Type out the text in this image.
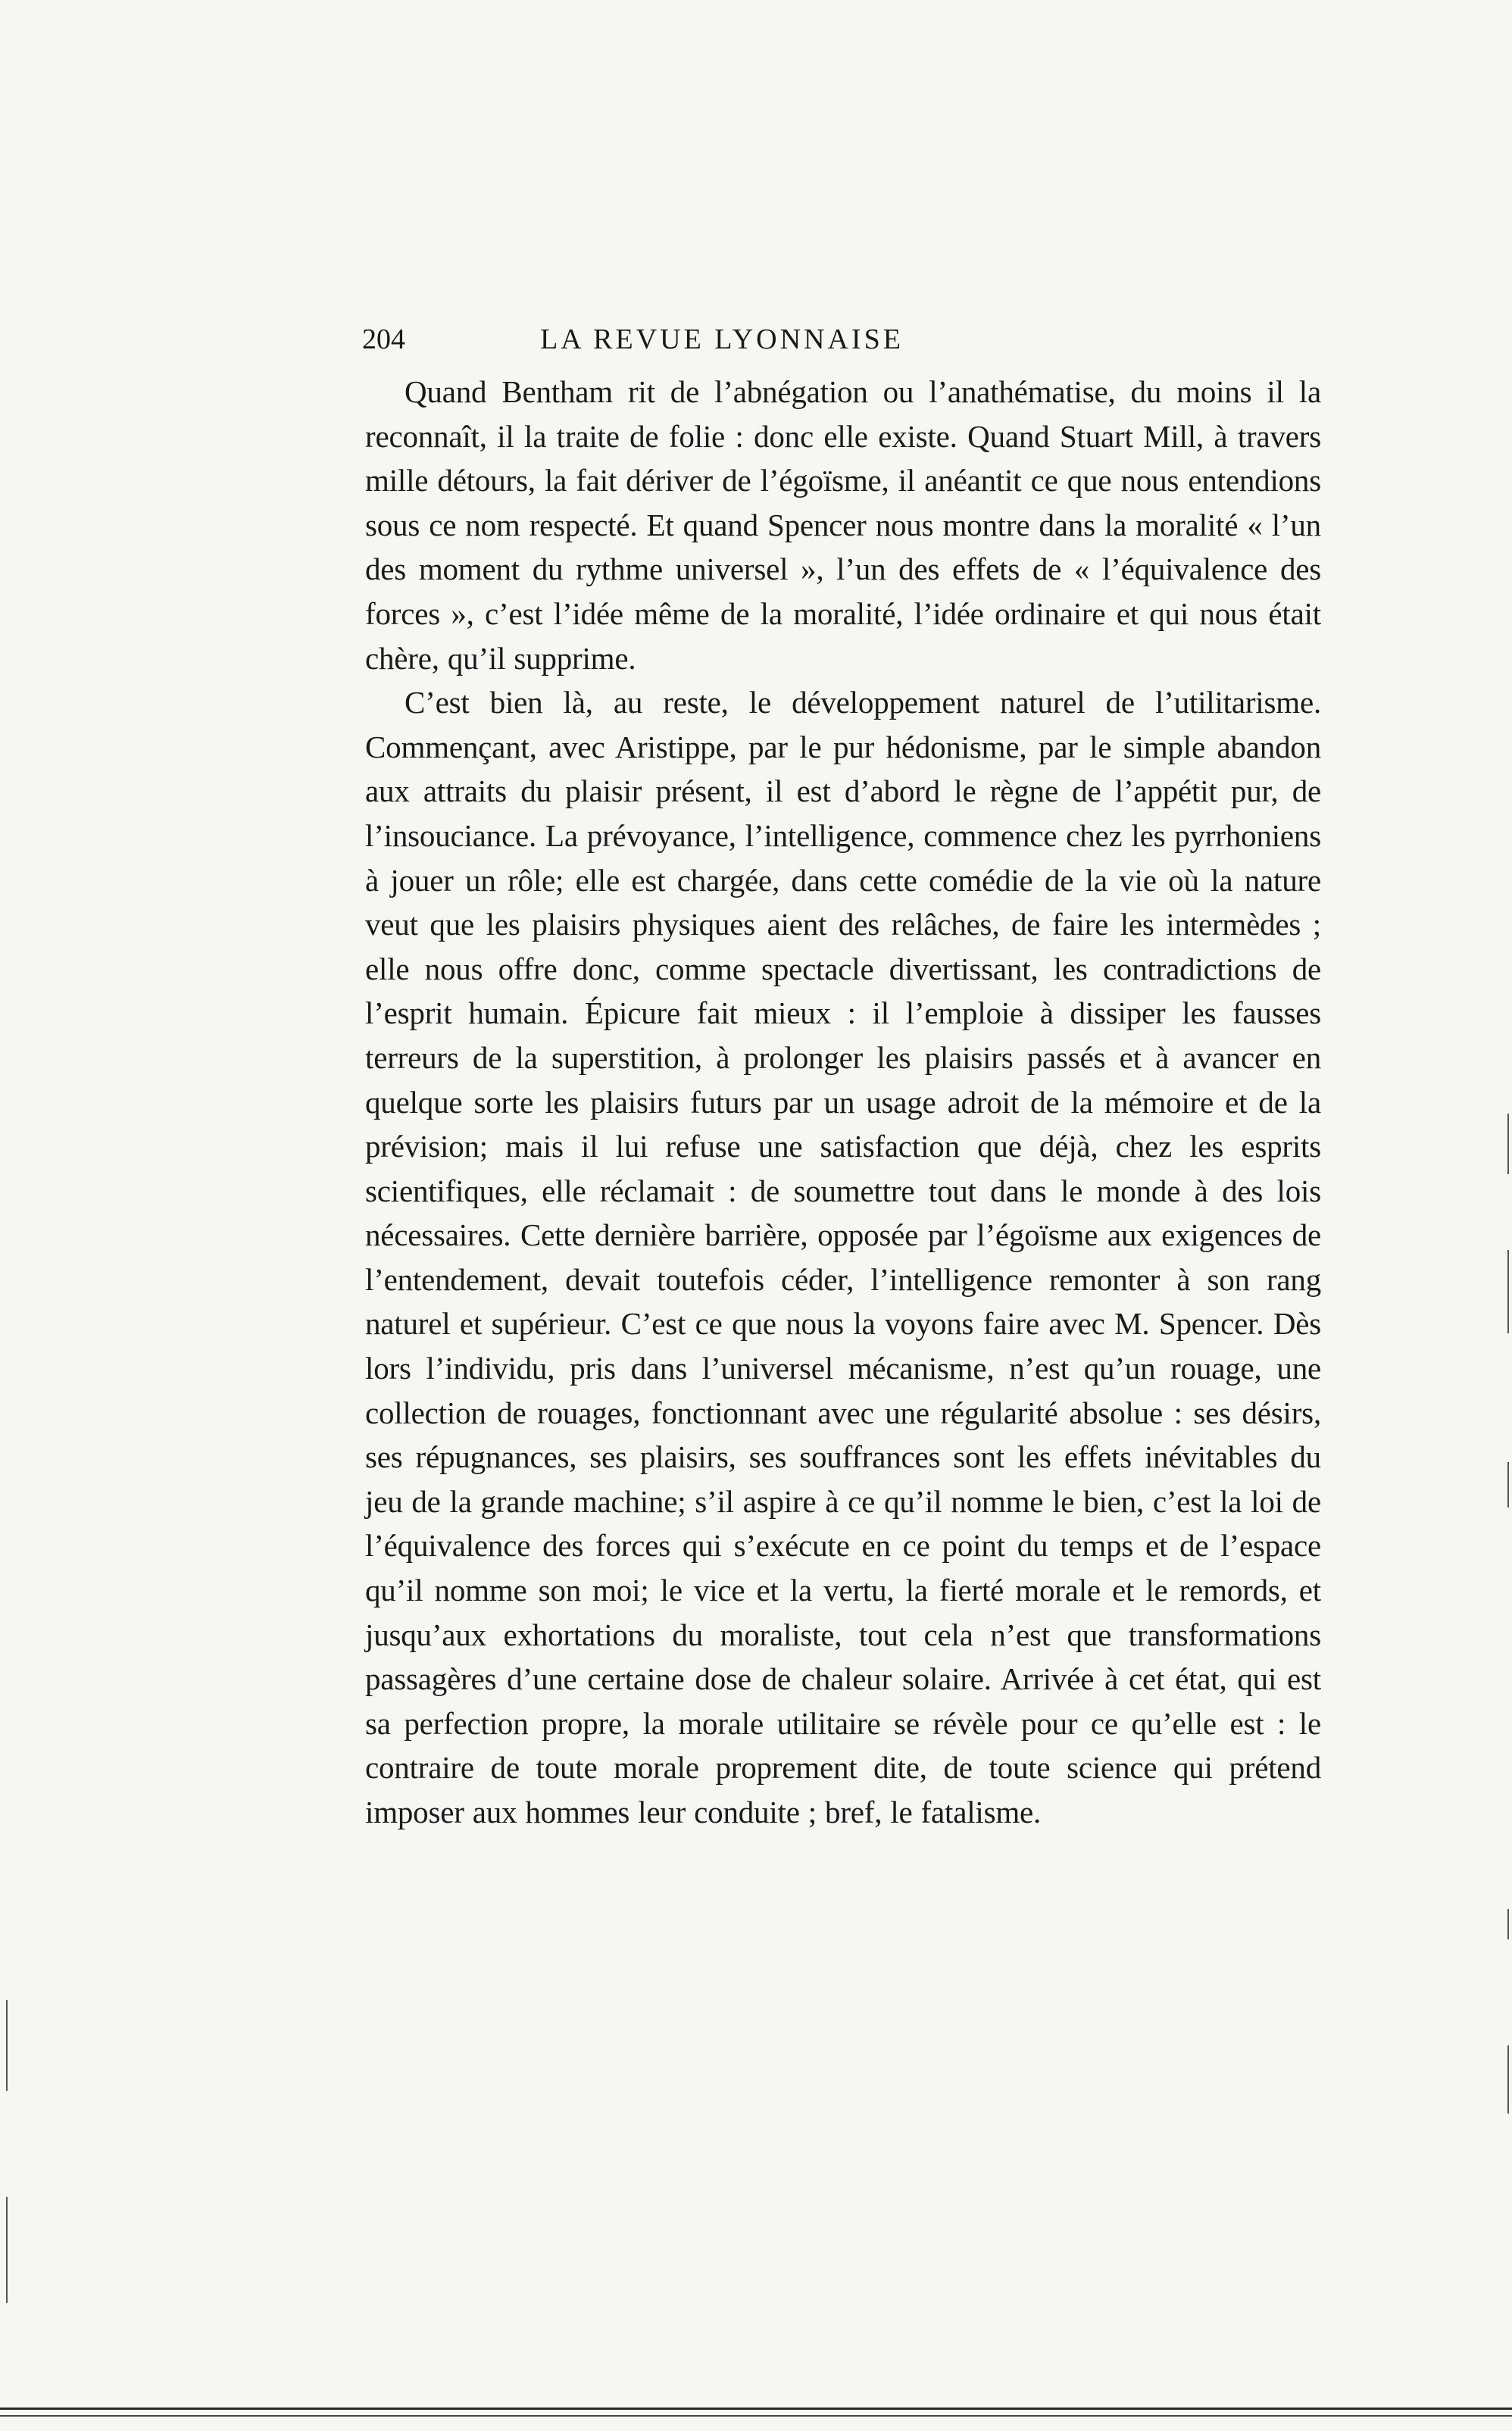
204	LA REVUE LYONNAISE

Quand Bentham rit de l’abnégation ou l’anathématise, du moins il la reconnaît, il la traite de folie : donc elle existe. Quand Stuart Mill, à travers mille détours, la fait dériver de l’égoïsme, il anéantit ce que nous entendions sous ce nom respecté. Et quand Spencer nous montre dans la moralité « l’un des moment du rythme universel », l’un des effets de « l’équivalence des forces », c’est l’idée même de la moralité, l’idée ordinaire et qui nous était chère, qu’il supprime.

C’est bien là, au reste, le développement naturel de l’utilitarisme. Commençant, avec Aristippe, par le pur hédonisme, par le simple abandon aux attraits du plaisir présent, il est d’abord le règne de l’appétit pur, de l’insouciance. La prévoyance, l’intelligence, commence chez les pyrrhoniens à jouer un rôle; elle est chargée, dans cette comédie de la vie où la nature veut que les plaisirs physiques aient des relâches, de faire les intermèdes ; elle nous offre donc, comme spectacle divertissant, les contradictions de l’esprit humain. Épicure fait mieux : il l’emploie à dissiper les fausses terreurs de la superstition, à prolonger les plaisirs passés et à avancer en quelque sorte les plaisirs futurs par un usage adroit de la mémoire et de la prévision; mais il lui refuse une satisfaction que déjà, chez les esprits scientifiques, elle réclamait : de soumettre tout dans le monde à des lois nécessaires. Cette dernière barrière, opposée par l’égoïsme aux exigences de l’entendement, devait toutefois céder, l’intelligence remonter à son rang naturel et supérieur. C’est ce que nous la voyons faire avec M. Spencer. Dès lors l’individu, pris dans l’universel mécanisme, n’est qu’un rouage, une collection de rouages, fonctionnant avec une régularité absolue : ses désirs, ses répugnances, ses plaisirs, ses souffrances sont les effets inévitables du jeu de la grande machine; s’il aspire à ce qu’il nomme le bien, c’est la loi de l’équivalence des forces qui s’exécute en ce point du temps et de l’espace qu’il nomme son moi; le vice et la vertu, la fierté morale et le remords, et jusqu’aux exhortations du moraliste, tout cela n’est que transformations passagères d’une certaine dose de chaleur solaire. Arrivée à cet état, qui est sa perfection propre, la morale utilitaire se révèle pour ce qu’elle est : le contraire de toute morale proprement dite, de toute science qui prétend imposer aux hommes leur conduite ; bref, le fatalisme.
